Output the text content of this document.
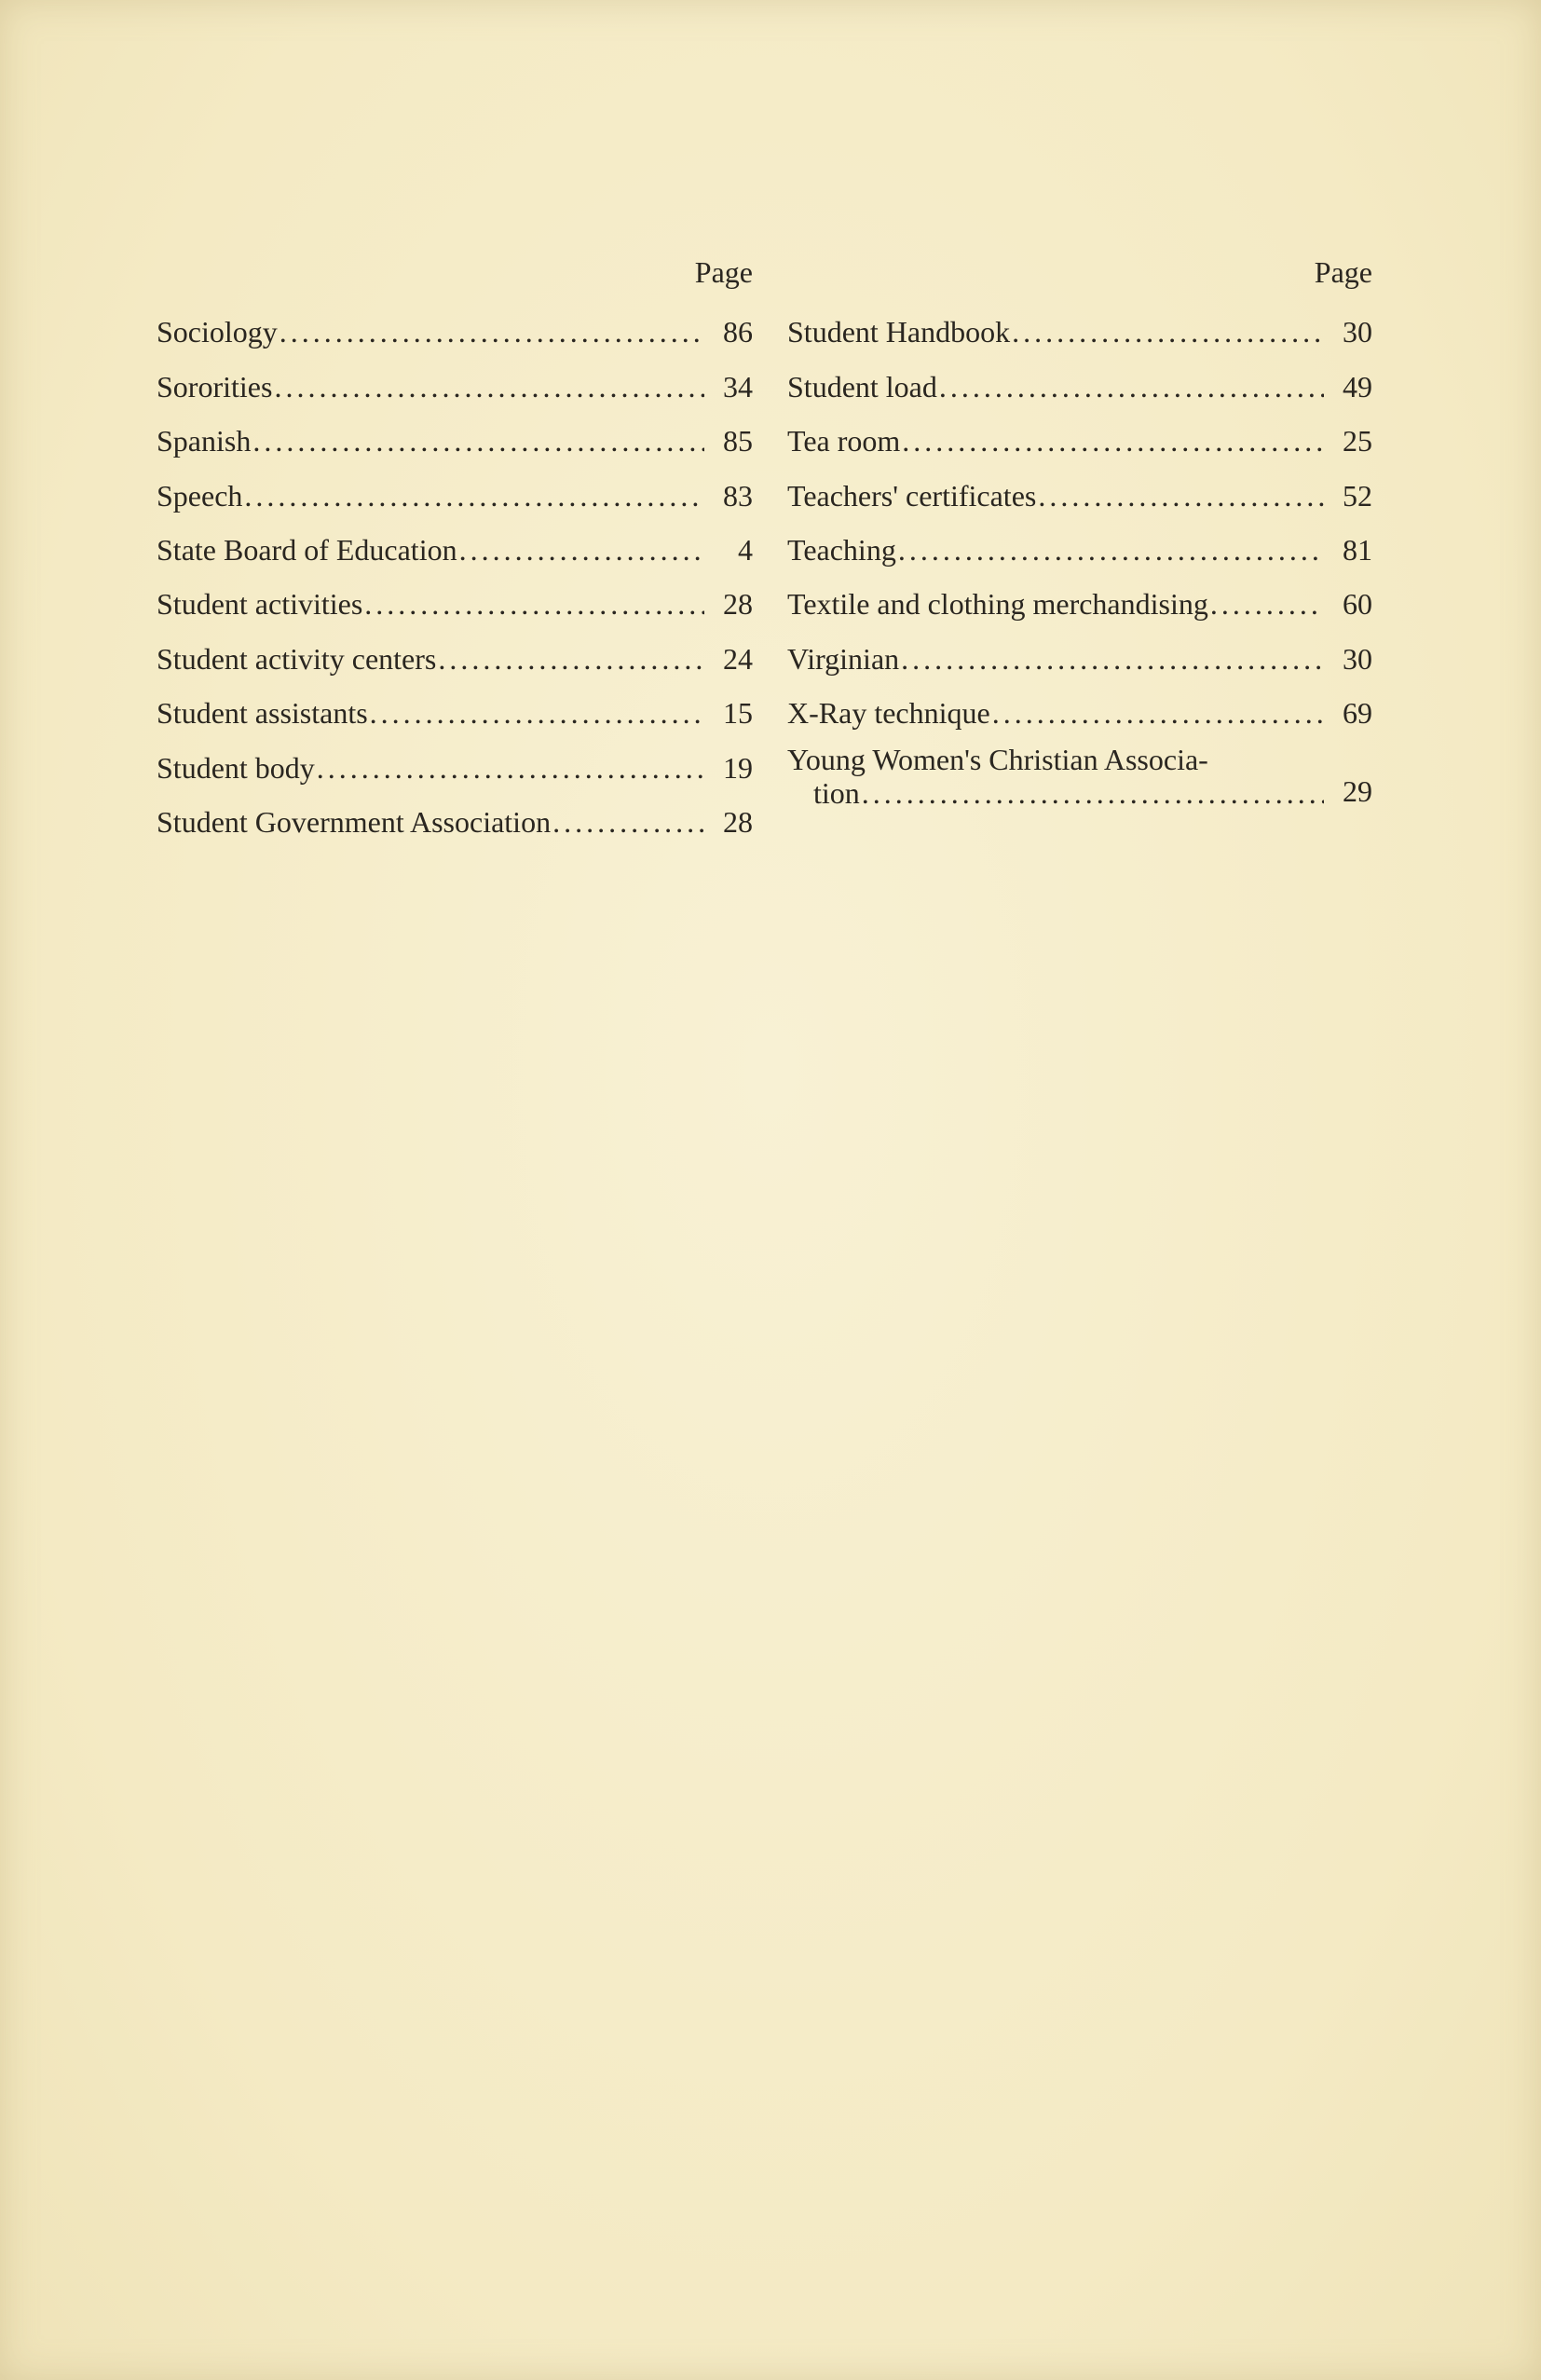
Page
Sociology .....	86
Sororities .....	34
Spanish .....	85
Speech .....	83
State Board of Education .....	4
Student activities .....	28
Student activity centers .....	24
Student assistants .....	15
Student body .....	19
Student Government Association .....	28
Page
Student Handbook .....	30
Student load .....	49
Tea room .....	25
Teachers' certificates .....	52
Teaching .....	81
Textile and clothing merchandising .....	60
Virginian .....	30
X-Ray technique .....	69
Young Women's Christian Associa-
tion .....	29
